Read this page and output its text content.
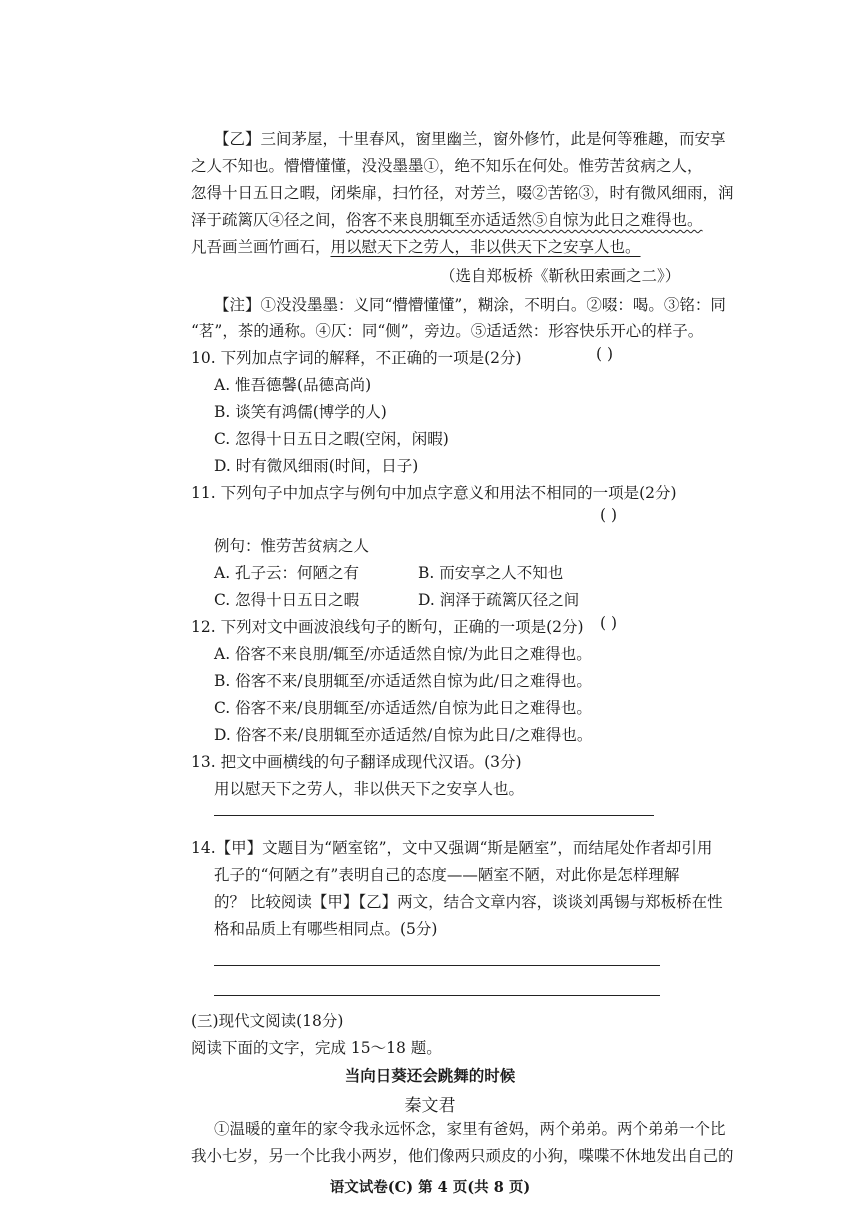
【乙】三间茅屋，十里春风，窗里幽兰，窗外修竹，此是何等雅趣，而安享
之人不知也。懵懵懂懂，没没墨墨①，绝不知乐在何处。惟劳苦贫病之人，
忽得十日五日之暇，闭柴扉，扫竹径，对芳兰，啜②苦铭③，时有微风细雨，润
泽于疏篱仄④径之间，俗客不来良朋辄至亦适适然⑤自惊为此日之难得也。
凡吾画兰画竹画石，用以慰天下之劳人，非以供天下之安享人也。
（选自郑板桥《靳秋田索画之二》）
【注】①没没墨墨：义同“懵懵懂懂”，糊涂，不明白。②啜：喝。③铭：同
“茗”，茶的通称。④仄：同“侧”，旁边。⑤适适然：形容快乐开心的样子。
10. 下列加点字词的解释，不正确的一项是(2分)	( )
A. 惟吾德馨(品德高尚)
B. 谈笑有鸿儒(博学的人)
C. 忽得十日五日之暇(空闲，闲暇)
D. 时有微风细雨(时间，日子)
11. 下列句子中加点字与例句中加点字意义和用法不相同的一项是(2分)
( )
例句：惟劳苦贫病之人
A. 孔子云：何陋之有	B. 而安享之人不知也
C. 忽得十日五日之暇	D. 润泽于疏篱仄径之间
12. 下列对文中画波浪线句子的断句，正确的一项是(2分) ( )
A. 俗客不来良朋/辄至/亦适适然自惊/为此日之难得也。
B. 俗客不来/良朋辄至/亦适适然自惊为此/日之难得也。
C. 俗客不来/良朋辄至/亦适适然/自惊为此日之难得也。
D. 俗客不来/良朋辄至亦适适然/自惊为此日/之难得也。
13. 把文中画横线的句子翻译成现代汉语。(3分)
用以慰天下之劳人，非以供天下之安享人也。
14.【甲】文题目为“陋室铭”，文中又强调“斯是陋室”，而结尾处作者却引用
孔子的“何陋之有”表明自己的态度——陋室不陋，对此你是怎样理解
的？ 比较阅读【甲】【乙】两文，结合文章内容，谈谈刘禹锡与郑板桥在性
格和品质上有哪些相同点。(5分)
(三)现代文阅读(18分)
阅读下面的文字，完成 15～18 题。
当向日葵还会跳舞的时候
秦文君
①温暖的童年的家令我永远怀念，家里有爸妈，两个弟弟。两个弟弟一个比
我小七岁，另一个比我小两岁，他们像两只顽皮的小狗，喋喋不休地发出自己的
语文试卷(C) 第 4 页(共 8 页)
